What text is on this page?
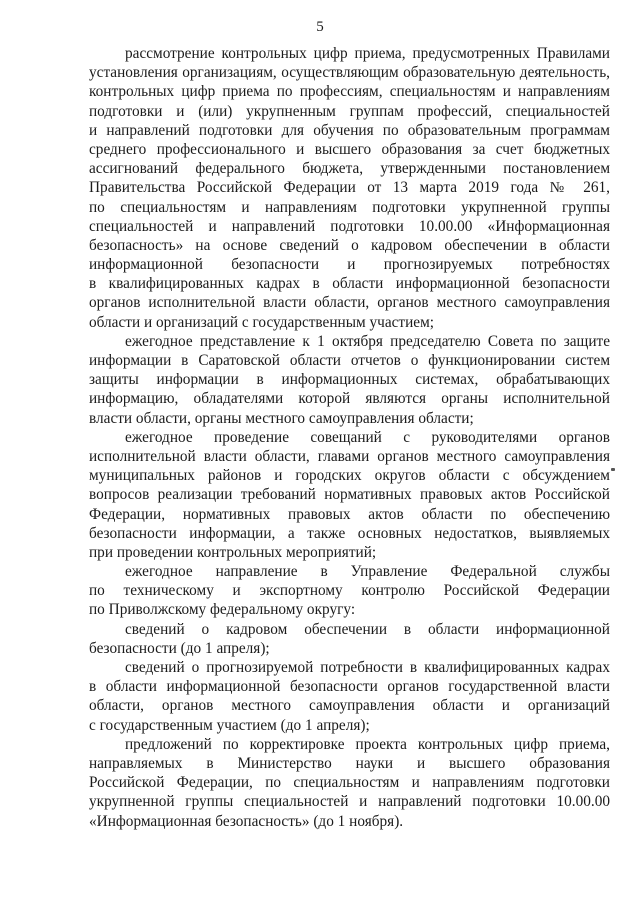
5
рассмотрение контрольных цифр приема, предусмотренных Правилами
установления организациям, осуществляющим образовательную деятельность,
контрольных цифр приема по профессиям, специальностям и направлениям
подготовки и (или) укрупненным группам профессий, специальностей
и направлений подготовки для обучения по образовательным программам
среднего профессионального и высшего образования за счет бюджетных
ассигнований федерального бюджета, утвержденными постановлением
Правительства Российской Федерации от 13 марта 2019 года № 261,
по специальностям и направлениям подготовки укрупненной группы
специальностей и направлений подготовки 10.00.00 «Информационная
безопасность» на основе сведений о кадровом обеспечении в области
информационной безопасности и прогнозируемых потребностях
в квалифицированных кадрах в области информационной безопасности
органов исполнительной власти области, органов местного самоуправления
области и организаций с государственным участием;
ежегодное представление к 1 октября председателю Совета по защите
информации в Саратовской области отчетов о функционировании систем
защиты информации в информационных системах, обрабатывающих
информацию, обладателями которой являются органы исполнительной
власти области, органы местного самоуправления области;
ежегодное проведение совещаний с руководителями органов
исполнительной власти области, главами органов местного самоуправления
муниципальных районов и городских округов области с обсуждением
вопросов реализации требований нормативных правовых актов Российской
Федерации, нормативных правовых актов области по обеспечению
безопасности информации, а также основных недостатков, выявляемых
при проведении контрольных мероприятий;
ежегодное направление в Управление Федеральной службы
по техническому и экспортному контролю Российской Федерации
по Приволжскому федеральному округу:
сведений о кадровом обеспечении в области информационной
безопасности (до 1 апреля);
сведений о прогнозируемой потребности в квалифицированных кадрах
в области информационной безопасности органов государственной власти
области, органов местного самоуправления области и организаций
с государственным участием (до 1 апреля);
предложений по корректировке проекта контрольных цифр приема,
направляемых в Министерство науки и высшего образования
Российской Федерации, по специальностям и направлениям подготовки
укрупненной группы специальностей и направлений подготовки 10.00.00
«Информационная безопасность» (до 1 ноября).
